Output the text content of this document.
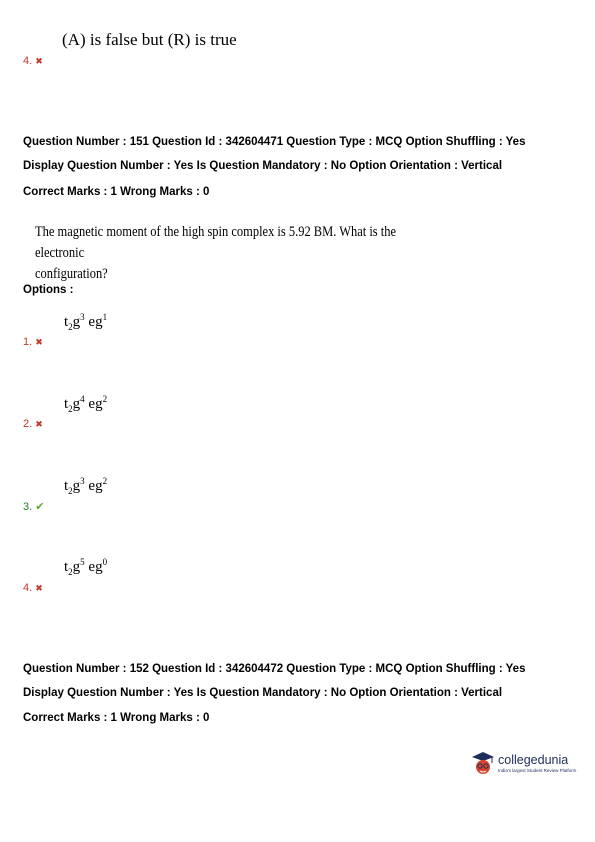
(A) is false but (R) is true
4. ✖
Question Number : 151 Question Id : 342604471 Question Type : MCQ Option Shuffling : Yes
Display Question Number : Yes Is Question Mandatory : No Option Orientation : Vertical
Correct Marks : 1 Wrong Marks : 0
The magnetic moment of the high spin complex is 5.92 BM. What is the electronic
configuration?
Options :
$t_2g^3$ $eg^1$
1. ✖
$t_2g^4$ $eg^2$
2. ✖
$t_2g^3$ $eg^2$
3. ✔
$t_2g^5$ $eg^0$
4. ✖
Question Number : 152 Question Id : 342604472 Question Type : MCQ Option Shuffling : Yes
Display Question Number : Yes Is Question Mandatory : No Option Orientation : Vertical
Correct Marks : 1 Wrong Marks : 0
collegedunia
India's largest Student Review Platform
